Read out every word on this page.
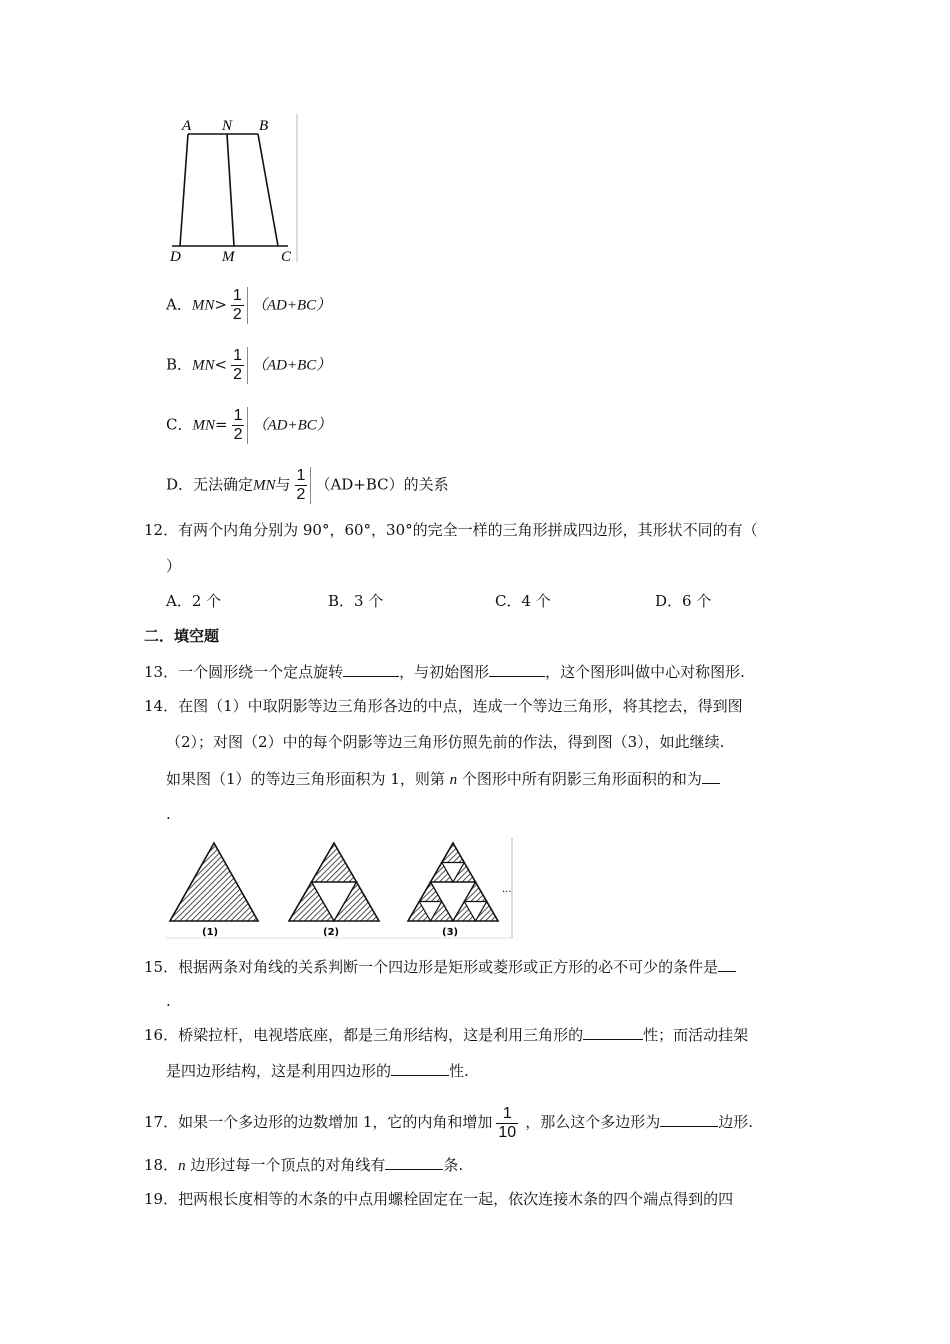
A N B
D	M	C
A．$MN> \frac{1}{2} (AD+BC)$
B．$MN< \frac{1}{2} (AD+BC)$
C．$MN= \frac{1}{2} (AD+BC)$
D．无法确定MN与 $\frac{1}{2} (AD+BC)$的关系
12．有两个内角分别为 90°，60°，30°的完全一样的三角形拼成四边形，其形状不同的有（
）
A．2 个	B．3 个	C．4 个	D．6 个
二．填空题
13．一个圆形绕一个定点旋转	，与初始图形	，这个图形叫做中心对称图形.
14．在图（1）中取阴影等边三角形各边的中点，连成一个等边三角形，将其挖去，得到图
（2）；对图（2）中的每个阴影等边三角形仿照先前的作法，得到图（3），如此继续.
如果图（1）的等边三角形面积为 1，则第 n 个图形中所有阴影三角形面积的和为
.
(1)	(2)	(3)
...
15．根据两条对角线的关系判断一个四边形是矩形或菱形或正方形的必不可少的条件是
.
16．桥梁拉杆，电视塔底座，都是三角形结构，这是利用三角形的	性；而活动挂架
是四边形结构，这是利用四边形的	性.
17．如果一个多边形的边数增加 1，它的内角和增加 $\frac{1}{10}$ ，那么这个多边形为	边形.
18．n 边形过每一个顶点的对角线有	条.
19．把两根长度相等的木条的中点用螺栓固定在一起，依次连接木条的四个端点得到的四
